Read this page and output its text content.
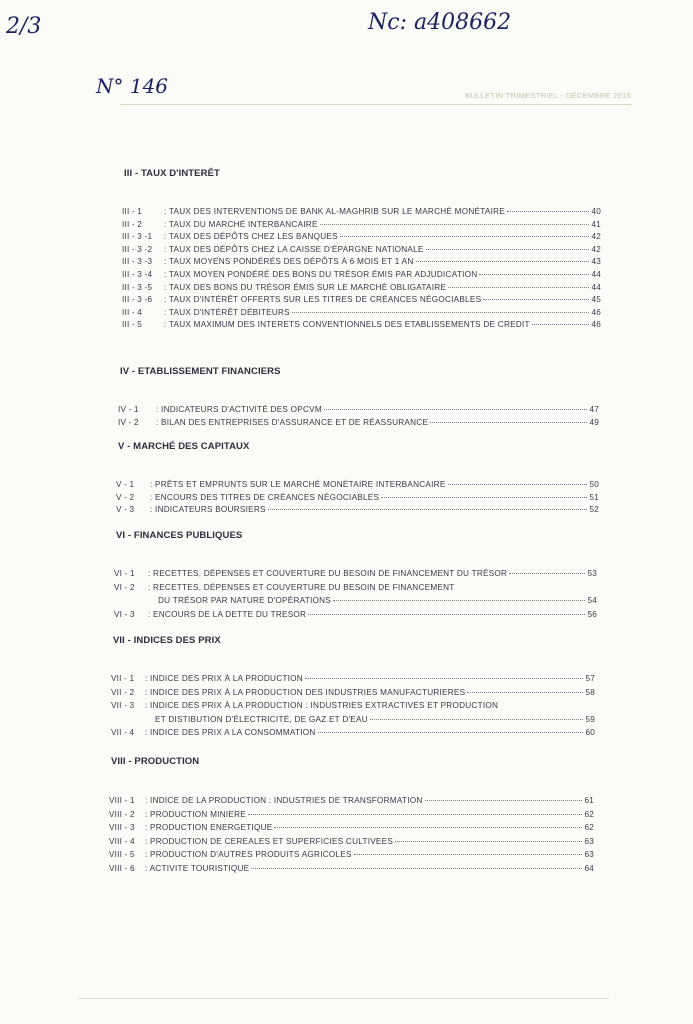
2/3	Nc: a408662
N° 146	BULLETIN TRIMESTRIEL - DÉCEMBRE 2015
III - TAUX D'INTERÊT
III - 1	: TAUX DES INTERVENTIONS DE BANK AL-MAGHRIB SUR LE MARCHÉ MONÉTAIRE	40
III - 2	: TAUX DU MARCHÉ INTERBANCAIRE	41
III - 3 -1	: TAUX DES DÉPÔTS CHEZ LES BANQUES	42
III - 3 -2	: TAUX DES DÉPÔTS CHEZ LA CAISSE D'ÉPARGNE NATIONALE	42
III - 3 -3	: TAUX MOYENS PONDÉRÉS DES DÉPÔTS À 6 MOIS ET 1 AN	43
III - 3 -4	: TAUX MOYEN PONDÉRÉ DES BONS DU TRÉSOR ÉMIS PAR ADJUDICATION	44
III - 3 -5	: TAUX DES BONS DU TRÉSOR ÉMIS SUR LE MARCHÉ OBLIGATAIRE	44
III - 3 -6	: TAUX D'INTÉRÊT OFFERTS SUR LES TITRES DE CRÉANCES NÉGOCIABLES	45
III - 4	: TAUX D'INTÉRÊT DÉBITEURS	46
III - 5	: TAUX MAXIMUM DES INTERETS CONVENTIONNELS DES ETABLISSEMENTS DE CREDIT	46
IV - ETABLISSEMENT FINANCIERS
IV - 1	: INDICATEURS D'ACTIVITÉ DES OPCVM	47
IV - 2	: BILAN DES ENTREPRISES D'ASSURANCE ET DE RÉASSURANCE	49
V - MARCHÉ DES CAPITAUX
V - 1	: PRÊTS ET EMPRUNTS SUR LE MARCHÉ MONÉTAIRE INTERBANCAIRE	50
V - 2	: ENCOURS DES TITRES DE CRÉANCES NÉGOCIABLES	51
V - 3	: INDICATEURS BOURSIERS	52
VI - FINANCES PUBLIQUES
VI - 1	: RECETTES, DÉPENSES ET COUVERTURE DU BESOIN DE FINANCEMENT DU TRÉSOR	53
VI - 2	: RECETTES, DÉPENSES ET COUVERTURE DU BESOIN DE FINANCEMENT
DU TRÉSOR PAR NATURE D'OPÉRATIONS	54
VI - 3	: ENCOURS DE LA DETTE DU TRESOR	56
VII - INDICES DES PRIX
VII - 1	: INDICE DES PRIX À LA PRODUCTION	57
VII - 2	: INDICE DES PRIX À LA PRODUCTION DES INDUSTRIES MANUFACTURIERES	58
VII - 3	: INDICE DES PRIX À LA PRODUCTION : INDUSTRIES EXTRACTIVES ET PRODUCTION
ET DISTIBUTION D'ÉLECTRICITÉ, DE GAZ ET D'EAU	59
VII - 4	: INDICE DES PRIX A LA CONSOMMATION	60
VIII - PRODUCTION
VIII - 1	: INDICE DE LA PRODUCTION : INDUSTRIES DE TRANSFORMATION	61
VIII - 2	: PRODUCTION MINIERE	62
VIII - 3	: PRODUCTION ENERGETIQUE	62
VIII - 4	: PRODUCTION DE CEREALES ET SUPERFICIES CULTIVEES	63
VIII - 5	: PRODUCTION D'AUTRES PRODUITS AGRICOLES	63
VIII - 6	: ACTIVITE TOURISTIQUE	64
